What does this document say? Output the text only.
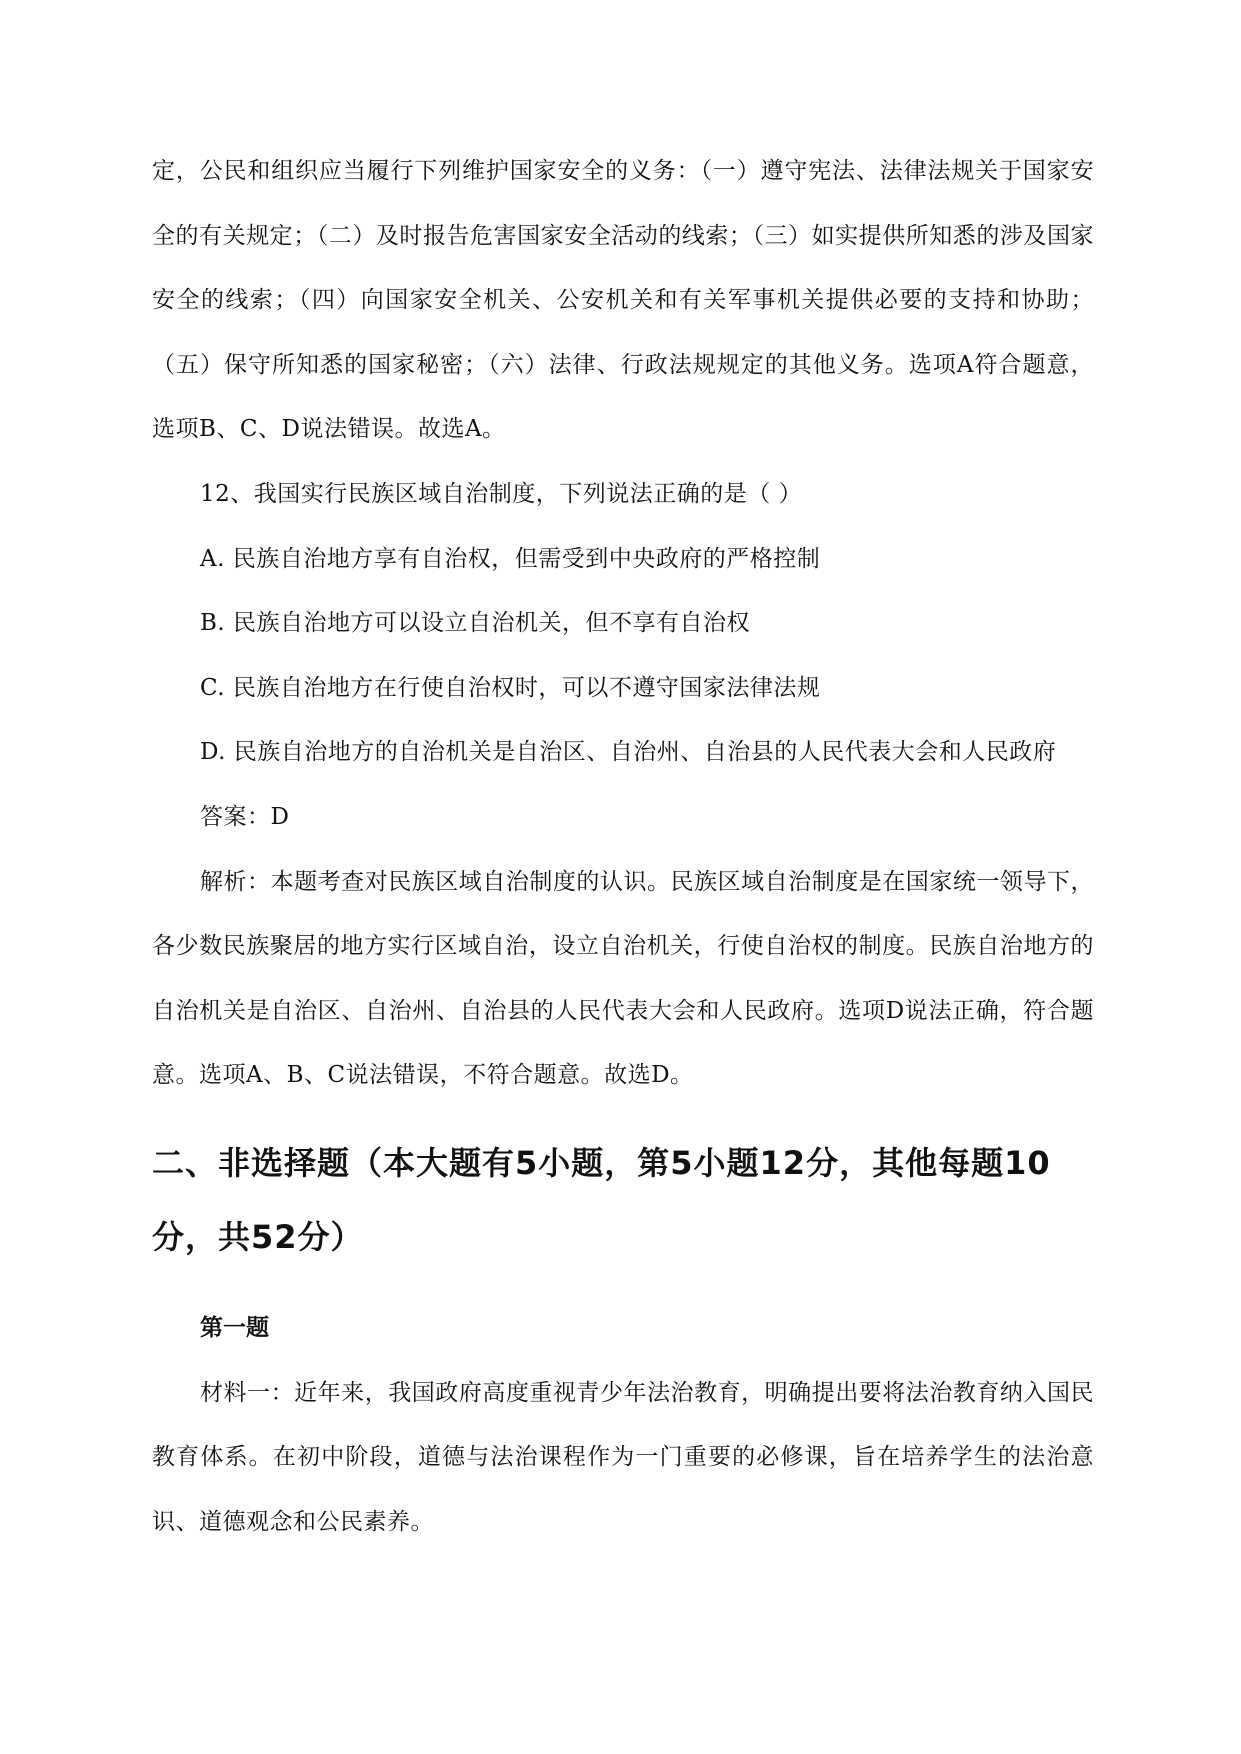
定，公民和组织应当履行下列维护国家安全的义务：（一）遵守宪法、法律法规关于国家安全的有关规定；（二）及时报告危害国家安全活动的线索；（三）如实提供所知悉的涉及国家安全的线索；（四）向国家安全机关、公安机关和有关军事机关提供必要的支持和协助；（五）保守所知悉的国家秘密；（六）法律、行政法规规定的其他义务。选项A符合题意，选项B、C、D说法错误。故选A。

12、我国实行民族区域自治制度，下列说法正确的是（ ）

A. 民族自治地方享有自治权，但需受到中央政府的严格控制

B. 民族自治地方可以设立自治机关，但不享有自治权

C. 民族自治地方在行使自治权时，可以不遵守国家法律法规

D. 民族自治地方的自治机关是自治区、自治州、自治县的人民代表大会和人民政府

答案：D

解析：本题考查对民族区域自治制度的认识。民族区域自治制度是在国家统一领导下，各少数民族聚居的地方实行区域自治，设立自治机关，行使自治权的制度。民族自治地方的自治机关是自治区、自治州、自治县的人民代表大会和人民政府。选项D说法正确，符合题意。选项A、B、C说法错误，不符合题意。故选D。

二、非选择题（本大题有5小题，第5小题12分，其他每题10分，共52分）
第一题

材料一：近年来，我国政府高度重视青少年法治教育，明确提出要将法治教育纳入国民教育体系。在初中阶段，道德与法治课程作为一门重要的必修课，旨在培养学生的法治意识、道德观念和公民素养。
